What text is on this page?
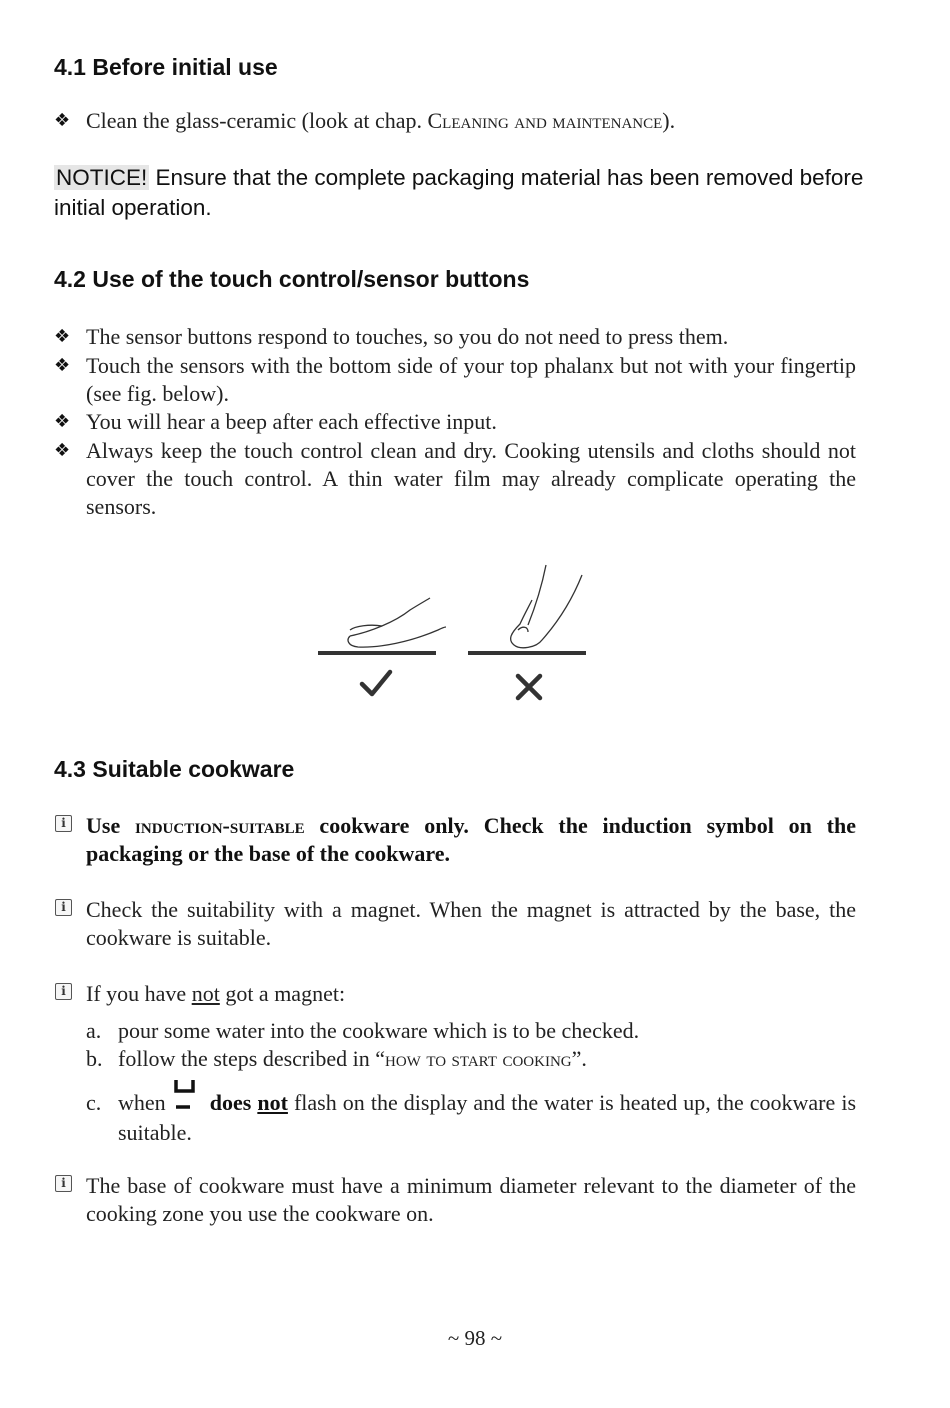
4.1 Before initial use
❖ Clean the glass-ceramic (look at chap. Cleaning and maintenance).

NOTICE! Ensure that the complete packaging material has been removed before initial operation.

4.2 Use of the touch control/sensor buttons
❖ The sensor buttons respond to touches, so you do not need to press them.

❖ Touch the sensors with the bottom side of your top phalanx but not with your fingertip (see fig. below).

❖ You will hear a beep after each effective input.

❖ Always keep the touch control clean and dry. Cooking utensils and cloths should not cover the touch control. A thin water film may already complicate operating the sensors.

4.3 Suitable cookware
i Use induction-suitable cookware only. Check the induction symbol on the packaging or the base of the cookware.

i Check the suitability with a magnet. When the magnet is attracted by the base, the cookware is suitable.

i If you have not got a magnet:

a. pour some water into the cookware which is to be checked.
b. follow the steps described in “how to start cooking”.
c. when does not flash on the display and the water is heated up, the cookware is suitable.
i The base of cookware must have a minimum diameter relevant to the diameter of the cooking zone you use the cookware on.

~ 98 ~
